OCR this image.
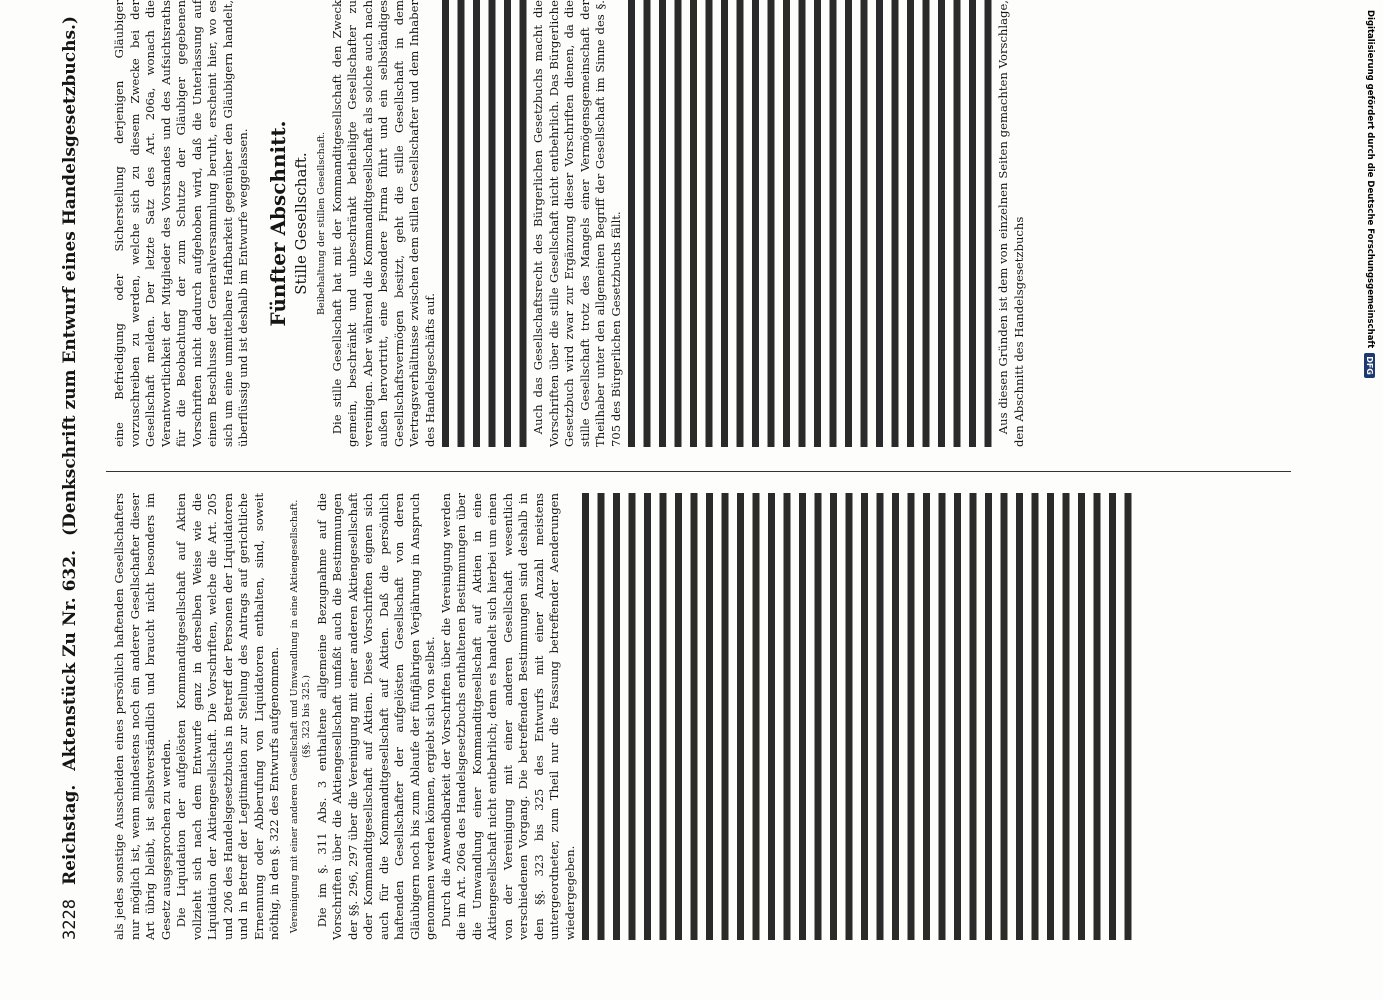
3228
Reichstag.
Aktenstück Zu Nr. 632.
(Denkschrift zum Entwurf eines Handelsgesetzbuchs.)

als jedes sonstige Ausscheiden eines persönlich haftenden Gesellschafters nur möglich ist, wenn mindestens noch ein anderer Gesellschafter dieser Art übrig bleibt, ist selbstverständlich und braucht nicht besonders im Gesetz ausgesprochen zu werden. Die Liquidation der aufgelösten Kommanditgesellschaft auf Aktien vollzieht sich nach dem Entwurfe ganz in derselben Weise wie die Liquidation der Aktiengesellschaft. Die Vorschriften, welche die Art. 205 und 206 des Handelsgesetzbuchs in Betreff der Personen der Liquidatoren und in Betreff der Legitimation zur Stellung des Antrags auf gerichtliche Ernennung oder Abberufung von Liquidatoren enthalten, sind, soweit nöthig, in den §. 322 des Entwurfs aufgenommen. Vereinigung mit einer anderen Gesellschaft und Umwandlung in eine Aktiengesellschaft. (§§. 323 bis 325.) Die im §. 311 Abs. 3 enthaltene allgemeine Bezugnahme auf die Vorschriften über die Aktiengesellschaft umfaßt auch die Bestimmungen der §§. 296, 297 über die Vereinigung mit einer anderen Aktiengesellschaft oder Kommanditgesellschaft auf Aktien. Diese Vorschriften eignen sich auch für die Kommanditgesellschaft auf Aktien. Daß die persönlich haftenden Gesellschafter der aufgelösten Gesellschaft von deren Gläubigern noch bis zum Ablaufe der fünfjährigen Verjährung in Anspruch genommen werden können, ergiebt sich von selbst. Durch die Anwendbarkeit der Vorschriften über die Vereinigung werden die im Art. 206a des Handelsgesetzbuchs enthaltenen Bestimmungen über die Umwandlung einer Kommanditgesellschaft auf Aktien in eine Aktiengesellschaft nicht entbehrlich; denn es handelt sich hierbei um einen von der Vereinigung mit einer anderen Gesellschaft wesentlich verschiedenen Vorgang. Die betreffenden Bestimmungen sind deshalb in den §§. 323 bis 325 des Entwurfs mit einer Anzahl meistens untergeordneter, zum Theil nur die Fassung betreffender Aenderungen wiedergegeben.

eine Befriedigung oder Sicherstellung derjenigen Gläubiger vorzuschreiben zu werden, welche sich zu diesem Zwecke bei der Gesellschaft melden. Der letzte Satz des Art. 206a, wonach die Verantwortlichkeit der Mitglieder des Vorstandes und des Aufsichtsraths für die Beobachtung der zum Schutze der Gläubiger gegebenen Vorschriften nicht dadurch aufgehoben wird, daß die Unterlassung auf einem Beschlusse der Generalversammlung beruht, erscheint hier, wo es sich um eine unmittelbare Haftbarkeit gegenüber den Gläubigern handelt, überflüssig und ist deshalb im Entwurfe weggelassen. Fünfter Abschnitt. Stille Gesellschaft. Beibehaltung der stillen Gesellschaft. Die stille Gesellschaft hat mit der Kommanditgesellschaft den Zweck gemein, beschränkt und unbeschränkt betheiligte Gesellschafter zu vereinigen. Aber während die Kommanditgesellschaft als solche auch nach außen hervortritt, eine besondere Firma führt und ein selbständiges Gesellschaftsvermögen besitzt, geht die stille Gesellschaft in dem Vertragsverhältnisse zwischen dem stillen Gesellschafter und dem Inhaber des Handelsgeschäfts auf.	Auch das Gesellschaftsrecht des Bürgerlichen Gesetzbuchs macht die Vorschriften über die stille Gesellschaft nicht entbehrlich. Das Bürgerliche Gesetzbuch wird zwar zur Ergänzung dieser Vorschriften dienen, da die stille Gesellschaft trotz des Mangels einer Vermögensgemeinschaft der Theilhaber unter den allgemeinen Begriff der Gesellschaft im Sinne des §. 705 des Bürgerlichen Gesetzbuchs fällt.	Aus diesen Gründen ist dem von einzelnen Seiten gemachten Vorschlage, den Abschnitt des Handelsgesetzbuchs	Digitalisierung gefördert durch die Deutsche Forschungsgemeinschaft
DFG
